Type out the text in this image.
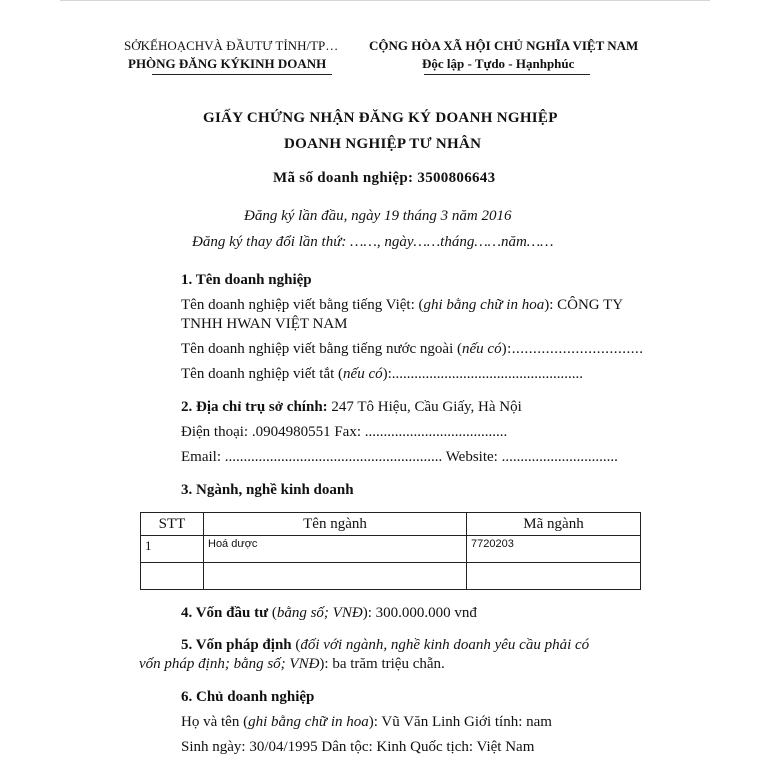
SỞKẾHOẠCHVÀ ĐẦUTƯ TỈNH/TP…
PHÒNG ĐĂNG KÝKINH DOANH
CỘNG HÒA XÃ HỘI CHỦ NGHĨA VIỆT NAM
Độc lập - Tựdo - Hạnhphúc
GIẤY CHỨNG NHẬN ĐĂNG KÝ DOANH NGHIỆP
DOANH NGHIỆP TƯ NHÂN
Mã số doanh nghiệp: 3500806643
Đăng ký lần đầu, ngày 19 tháng 3 năm 2016
Đăng ký thay đổi lần thứ: ……, ngày……tháng……năm……
1. Tên doanh nghiệp
Tên doanh nghiệp viết bằng tiếng Việt: (ghi bằng chữ in hoa): CÔNG TY
TNHH HWAN VIỆT NAM
Tên doanh nghiệp viết bằng tiếng nước ngoài (nếu có):...............................
Tên doanh nghiệp viết tắt (nếu có):...................................................
2. Địa chỉ trụ sở chính: 247 Tô Hiệu, Cầu Giấy, Hà Nội
Điện thoại: .0904980551 Fax: ......................................
Email: .......................................................... Website: ...............................
3. Ngành, nghề kinh doanh
STT	Tên ngành	Mã ngành
1	Hoá dược	7720203

4. Vốn đầu tư (bằng số; VNĐ): 300.000.000 vnđ
5. Vốn pháp định (đối với ngành, nghề kinh doanh yêu cầu phải có
vốn pháp định; bằng số; VNĐ): ba trăm triệu chẵn.
6. Chủ doanh nghiệp
Họ và tên (ghi bằng chữ in hoa): Vũ Văn Linh Giới tính: nam
Sinh ngày: 30/04/1995 Dân tộc: Kinh Quốc tịch: Việt Nam
